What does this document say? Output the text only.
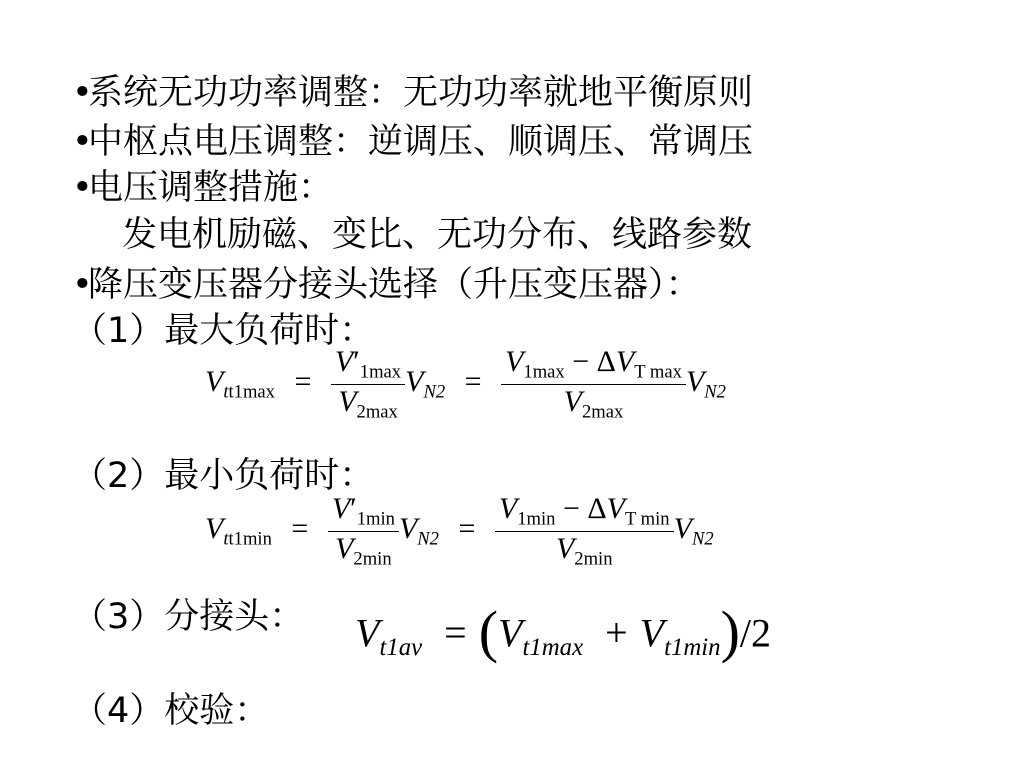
•系统无功功率调整：无功功率就地平衡原则
•中枢点电压调整：逆调压、顺调压、常调压
•电压调整措施：
发电机励磁、变比、无功分布、线路参数
•降压变压器分接头选择（升压变压器）：
（1）最大负荷时：
（2）最小负荷时：
（3）分接头：
（4）校验：
$V_{tt1max} = \frac{V'_{1max}}{V_{2max}} V_{N2} = \frac{V_{1max} - \Delta V_{T max}}{V_{2max}} V_{N2}$
$V_{tt1min} = \frac{V'_{1min}}{V_{2min}} V_{N2} = \frac{V_{1min} - \Delta V_{T min}}{V_{2min}} V_{N2}$
$V_{t1av} = (V_{t1max} + V_{t1min})/2$
